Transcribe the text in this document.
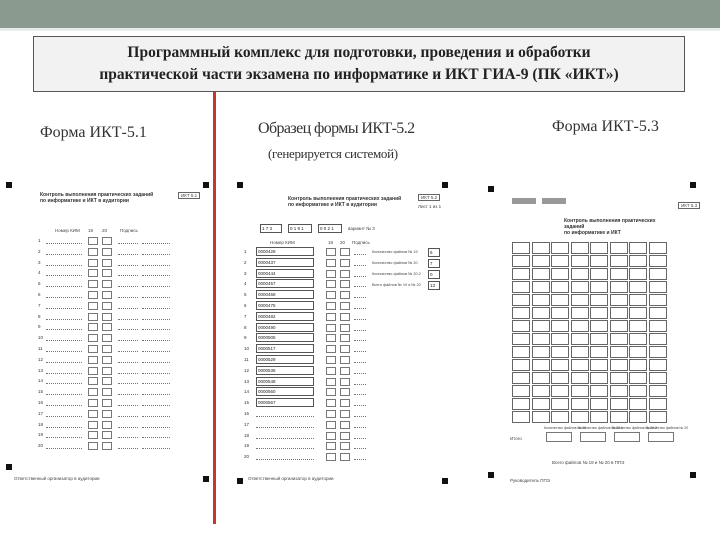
Программный комплекс для подготовки, проведения и обработки
практической части экзамена по информатике и ИКТ ГИА-9 (ПК «ИКТ»)
Форма ИКТ-5.1	Образец формы ИКТ-5.2
(генерируется системой)
Форма ИКТ-5.3
Контроль выполнения практических заданий
по информатике и ИКТ в аудитории
ИКТ 5.1
Номер КИМ 19 20	Подпись
1
2
3
4
5
6
7
8
9
10
11
12
13
14
15
16
17
18
19
20
Ответственный организатор в аудитории
Контроль выполнения практических заданий
по информатике и ИКТ в аудитории
ИКТ 5.2
Лист 1 из 1
1 7 3	0 1 9 1	0 0 2 1	вариант № 3
Номер КИМ	19 20 Подпись
1	0000428
2	0000437
3	0000444
4	0000457
5	0000468
6	0000475
7	0000482
8	0000490
9	0000505
10	0000517
11	0000529
12	0000536
13	0000548
14	0000560
15	0000567
16
17
18
19
20
Количество файлов № 19	6
Количество файлов № 20	7
Количество файлов № 20.2	0
Всего файлов № 19 и № 20	13
Ответственный организатор в аудитории
ИКТ 5.3
Контроль выполнения практических заданий
по информатике и ИКТ
Итого
Количество файлов № 19
Количество файлов № 20.1
Количество файлов № 20.2
Количество файлов № 20
Всего файлов № 19 и № 20 в ППЭ
Руководитель ППЭ
